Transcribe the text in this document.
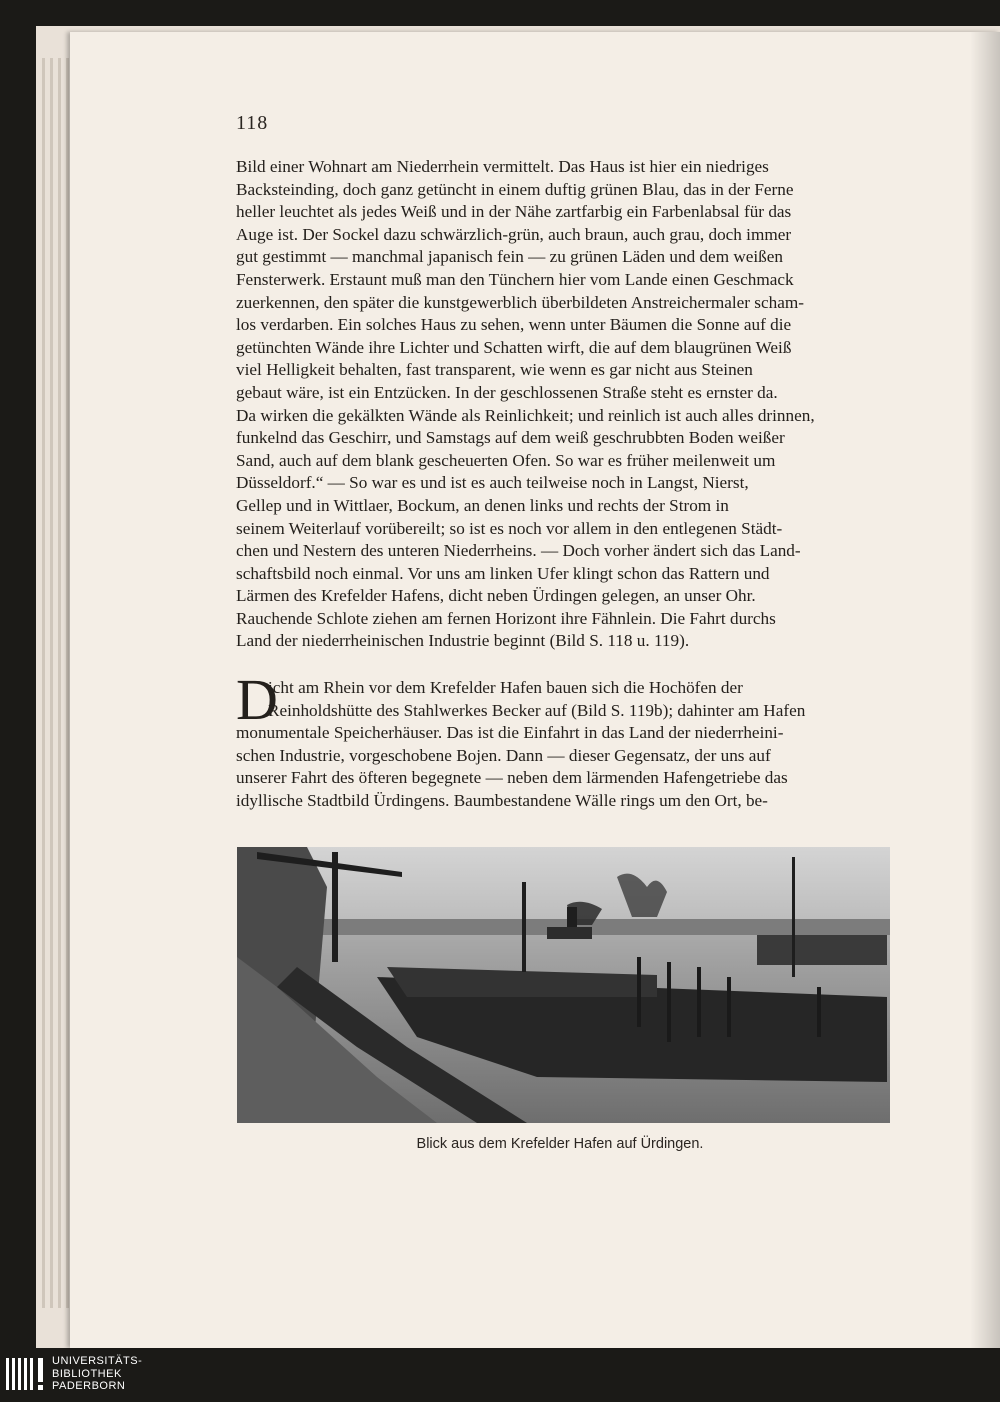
118
Bild einer Wohnart am Niederrhein vermittelt. Das Haus ist hier ein niedriges
Backsteinding, doch ganz getüncht in einem duftig grünen Blau, das in der Ferne
heller leuchtet als jedes Weiß und in der Nähe zartfarbig ein Farbenlabsal für das
Auge ist. Der Sockel dazu schwärzlich-grün, auch braun, auch grau, doch immer
gut gestimmt — manchmal japanisch fein — zu grünen Läden und dem weißen
Fensterwerk. Erstaunt muß man den Tünchern hier vom Lande einen Geschmack
zuerkennen, den später die kunstgewerblich überbildeten Anstreichermaler scham-
los verdarben. Ein solches Haus zu sehen, wenn unter Bäumen die Sonne auf die
getünchten Wände ihre Lichter und Schatten wirft, die auf dem blaugrünen Weiß
viel Helligkeit behalten, fast transparent, wie wenn es gar nicht aus Steinen
gebaut wäre, ist ein Entzücken. In der geschlossenen Straße steht es ernster da.
Da wirken die gekälkten Wände als Reinlichkeit; und reinlich ist auch alles drinnen,
funkelnd das Geschirr, und Samstags auf dem weiß geschrubbten Boden weißer
Sand, auch auf dem blank gescheuerten Ofen. So war es früher meilenweit um
Düsseldorf.“ — So war es und ist es auch teilweise noch in Langst, Nierst,
Gellep und in Wittlaer, Bockum, an denen links und rechts der Strom in
seinem Weiterlauf vorübereilt; so ist es noch vor allem in den entlegenen Städt-
chen und Nestern des unteren Niederrheins. — Doch vorher ändert sich das Land-
schaftsbild noch einmal. Vor uns am linken Ufer klingt schon das Rattern und
Lärmen des Krefelder Hafens, dicht neben Ürdingen gelegen, an unser Ohr.
Rauchende Schlote ziehen am fernen Horizont ihre Fähnlein. Die Fahrt durchs
Land der niederrheinischen Industrie beginnt (Bild S. 118 u. 119).
D
icht am Rhein vor dem Krefelder Hafen bauen sich die Hochöfen der
Reinholdshütte des Stahlwerkes Becker auf (Bild S. 119b); dahinter am Hafen
monumentale Speicherhäuser. Das ist die Einfahrt in das Land der niederrheini-
schen Industrie, vorgeschobene Bojen. Dann — dieser Gegensatz, der uns auf
unserer Fahrt des öfteren begegnete — neben dem lärmenden Hafengetriebe das
idyllische Stadtbild Ürdingens. Baumbestandene Wälle rings um den Ort, be-
Blick aus dem Krefelder Hafen auf Ürdingen.
UNIVERSITÄTS-
BIBLIOTHEK
PADERBORN
